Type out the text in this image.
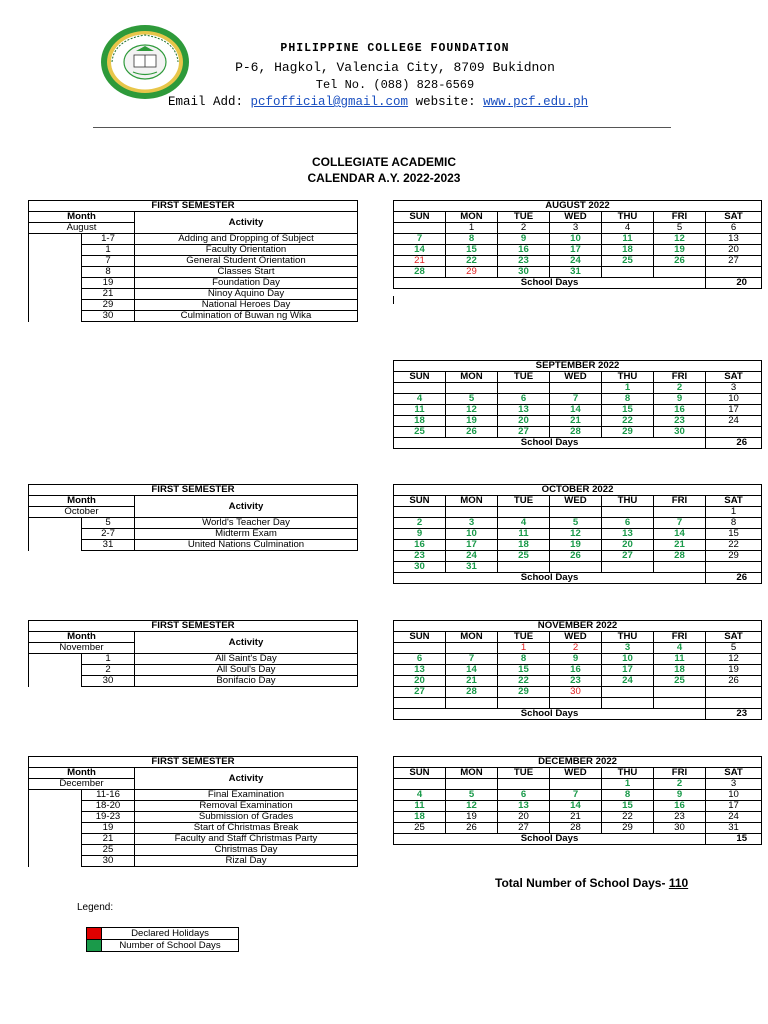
PHILIPPINE COLLEGE FOUNDATION
P-6, Hagkol, Valencia City, 8709 Bukidnon
Tel No. (088) 828-6569
Email Add: pcfofficial@gmail.com website: www.pcf.edu.ph
COLLEGIATE ACADEMIC
CALENDAR A.Y. 2022-2023
FIRST SEMESTER		
Month		Activity
August		
	1-7	Adding and Dropping of Subject
	1	Faculty Orientation
	7	General Student Orientation
	8	Classes Start
	19	Foundation Day
	21	Ninoy Aquino Day
	29	National Heroes Day
	30	Culmination of Buwan ng Wika
FIRST SEMESTER		
Month		Activity
October		
	5	World's Teacher Day
	2-7	Midterm Exam
	31	United Nations Culmination
FIRST SEMESTER		
Month		Activity
November		
	1	All Saint's Day
	2	All Soul's Day
	30	Bonifacio Day
FIRST SEMESTER		
Month		Activity
December		
	11-16	Final Examination
	18-20	Removal Examination
	19-23	Submission of Grades
	19	Start of Christmas Break
	21	Faculty and Staff Christmas Party
	25	Christmas Day
	30	Rizal Day
AUGUST 2022						
SUN	MON	TUE	WED	THU	FRI	SAT
	1	2	3	4	5	6
7	8	9	10	11	12	13
14	15	16	17	18	19	20
21	22	23	24	25	26	27
28	29	30	31			
School Days						20
SEPTEMBER 2022						
SUN	MON	TUE	WED	THU	FRI	SAT
				1	2	3
4	5	6	7	8	9	10
11	12	13	14	15	16	17
18	19	20	21	22	23	24
25	26	27	28	29	30	
School Days						26
OCTOBER 2022						
SUN	MON	TUE	WED	THU	FRI	SAT
						1
2	3	4	5	6	7	8
9	10	11	12	13	14	15
16	17	18	19	20	21	22
23	24	25	26	27	28	29
30	31					
School Days						26
NOVEMBER 2022						
SUN	MON	TUE	WED	THU	FRI	SAT
		1	2	3	4	5
6	7	8	9	10	11	12
13	14	15	16	17	18	19
20	21	22	23	24	25	26
27	28	29	30			

School Days						23
DECEMBER 2022						
SUN	MON	TUE	WED	THU	FRI	SAT
				1	2	3
4	5	6	7	8	9	10
11	12	13	14	15	16	17
18	19	20	21	22	23	24
25	26	27	28	29	30	31
School Days						15
Total Number of School Days- 110
Legend:
	Declared Holidays
	Number of School Days
